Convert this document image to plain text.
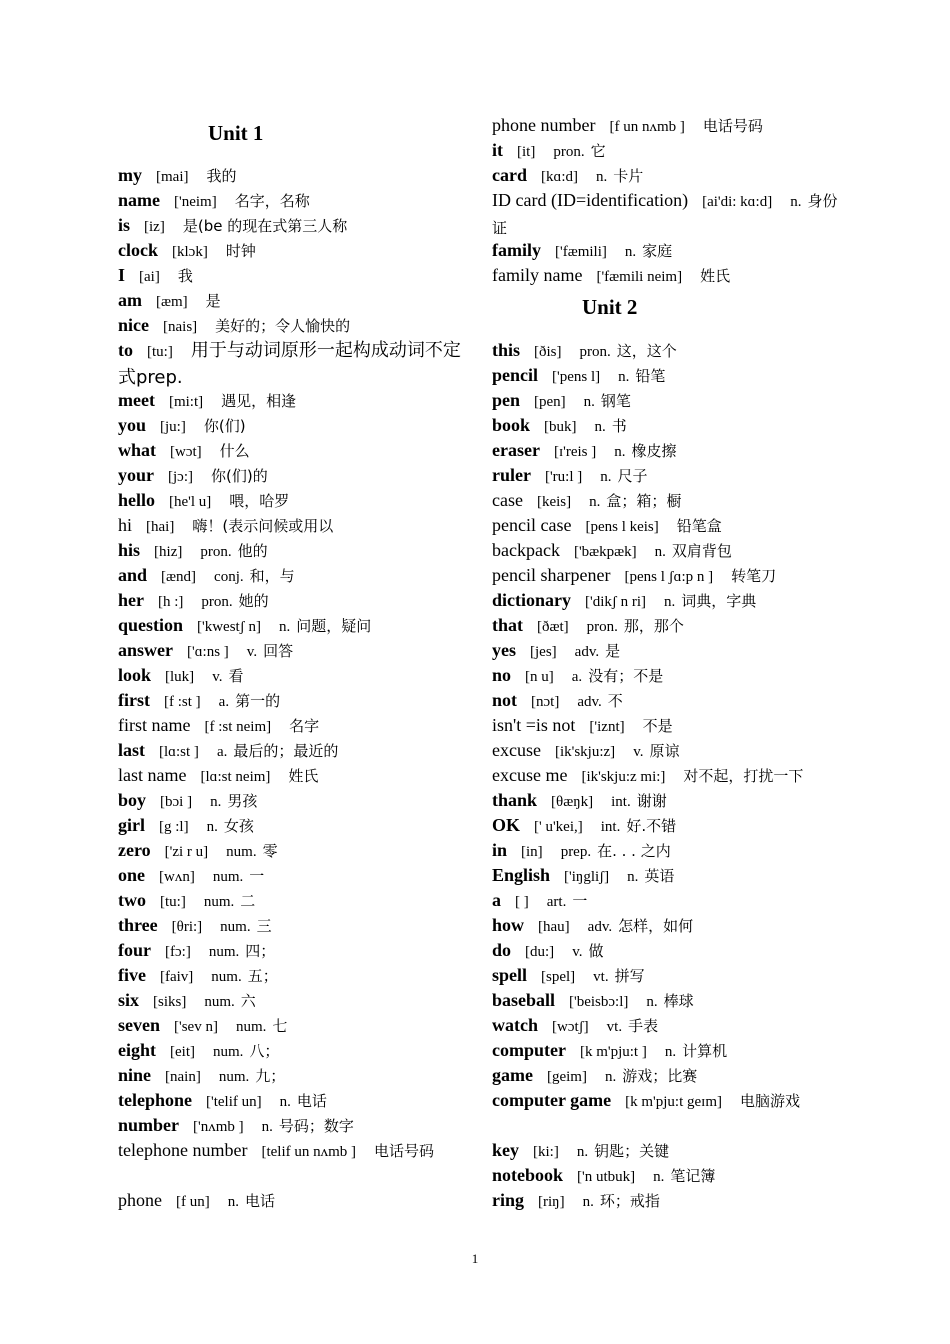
Unit 1
my [mai] 我的
name ['neim] 名字，名称
is [iz] 是(be 的现在式第三人称
clock [klɔk] 时钟
I [ai] 我
am [æm] 是
nice [nais] 美好的；令人愉快的
to [tu:] 用于与动词原形一起构成动词不定式prep.
meet [mi:t] 遇见，相逢
you [ju:] 你(们)
what [wɔt] 什么
your [jɔ:] 你(们)的
hello [he'l u] 喂，哈罗
hi [hai] 嗨！(表示问候或用以
his [hiz] pron. 他的
and [ænd] conj. 和，与
her [h :] pron. 她的
question ['kwestʃ n] n. 问题，疑问
answer ['ɑ:ns ] v. 回答
look [luk] v. 看
first [f :st ] a. 第一的
first name [f :st neim] 名字
last [lɑ:st ] a. 最后的；最近的
last name [lɑ:st neim] 姓氏
boy [bɔi ] n. 男孩
girl [g :l] n. 女孩
zero ['zi r u] num. 零
one [wʌn] num. 一
two [tu:] num. 二
three [θri:] num. 三
four [fɔ:] num. 四；
five [faiv] num. 五；
six [siks] num. 六
seven ['sev n] num. 七
eight [eit] num. 八；
nine [nain] num. 九；
telephone ['telif un] n. 电话
number ['nʌmb ] n. 号码；数字
telephone number [telif un nʌmb ] 电话号码
phone [f un] n. 电话
phone number [f un nʌmb ] 电话号码
it [it] pron. 它
card [kɑ:d] n. 卡片
ID card (ID=identification) [ai'di: kɑ:d] n. 身份证
family ['fæmili] n. 家庭
family name ['fæmili neim] 姓氏
Unit 2
this [ðis] pron. 这，这个
pencil ['pens l] n. 铅笔
pen [pen] n. 钢笔
book [buk] n. 书
eraser [ɪ'reis ] n. 橡皮擦
ruler ['ru:l ] n. 尺子
case [keis] n. 盒；箱；橱
pencil case [pens l keis] 铅笔盒
backpack ['bækpæk] n. 双肩背包
pencil sharpener [pens l ʃɑ:p n ] 转笔刀
dictionary ['dikʃ n ri] n. 词典，字典
that [ðæt] pron. 那，那个
yes [jes] adv. 是
no [n u] a. 没有；不是
not [nɔt] adv. 不
isn't =is not ['iznt] 不是
excuse [ik'skju:z] v. 原谅
excuse me [ik'skju:z mi:] 对不起，打扰一下
thank [θæŋk] int. 谢谢
OK [' u'kei,] int. 好.不错
in [in] prep. 在. . . 之内
English ['iŋgliʃ] n. 英语
a [ ] art. 一
how [hau] adv. 怎样，如何
do [du:] v. 做
spell [spel] vt. 拼写
baseball ['beisbɔ:l] n. 棒球
watch [wɔtʃ] vt. 手表
computer [k m'pju:t ] n. 计算机
game [geim] n. 游戏；比赛
computer game [k m'pju:t geɪm] 电脑游戏
key [ki:] n. 钥匙；关键
notebook ['n utbuk] n. 笔记簿
ring [riŋ] n. 环；戒指
1
